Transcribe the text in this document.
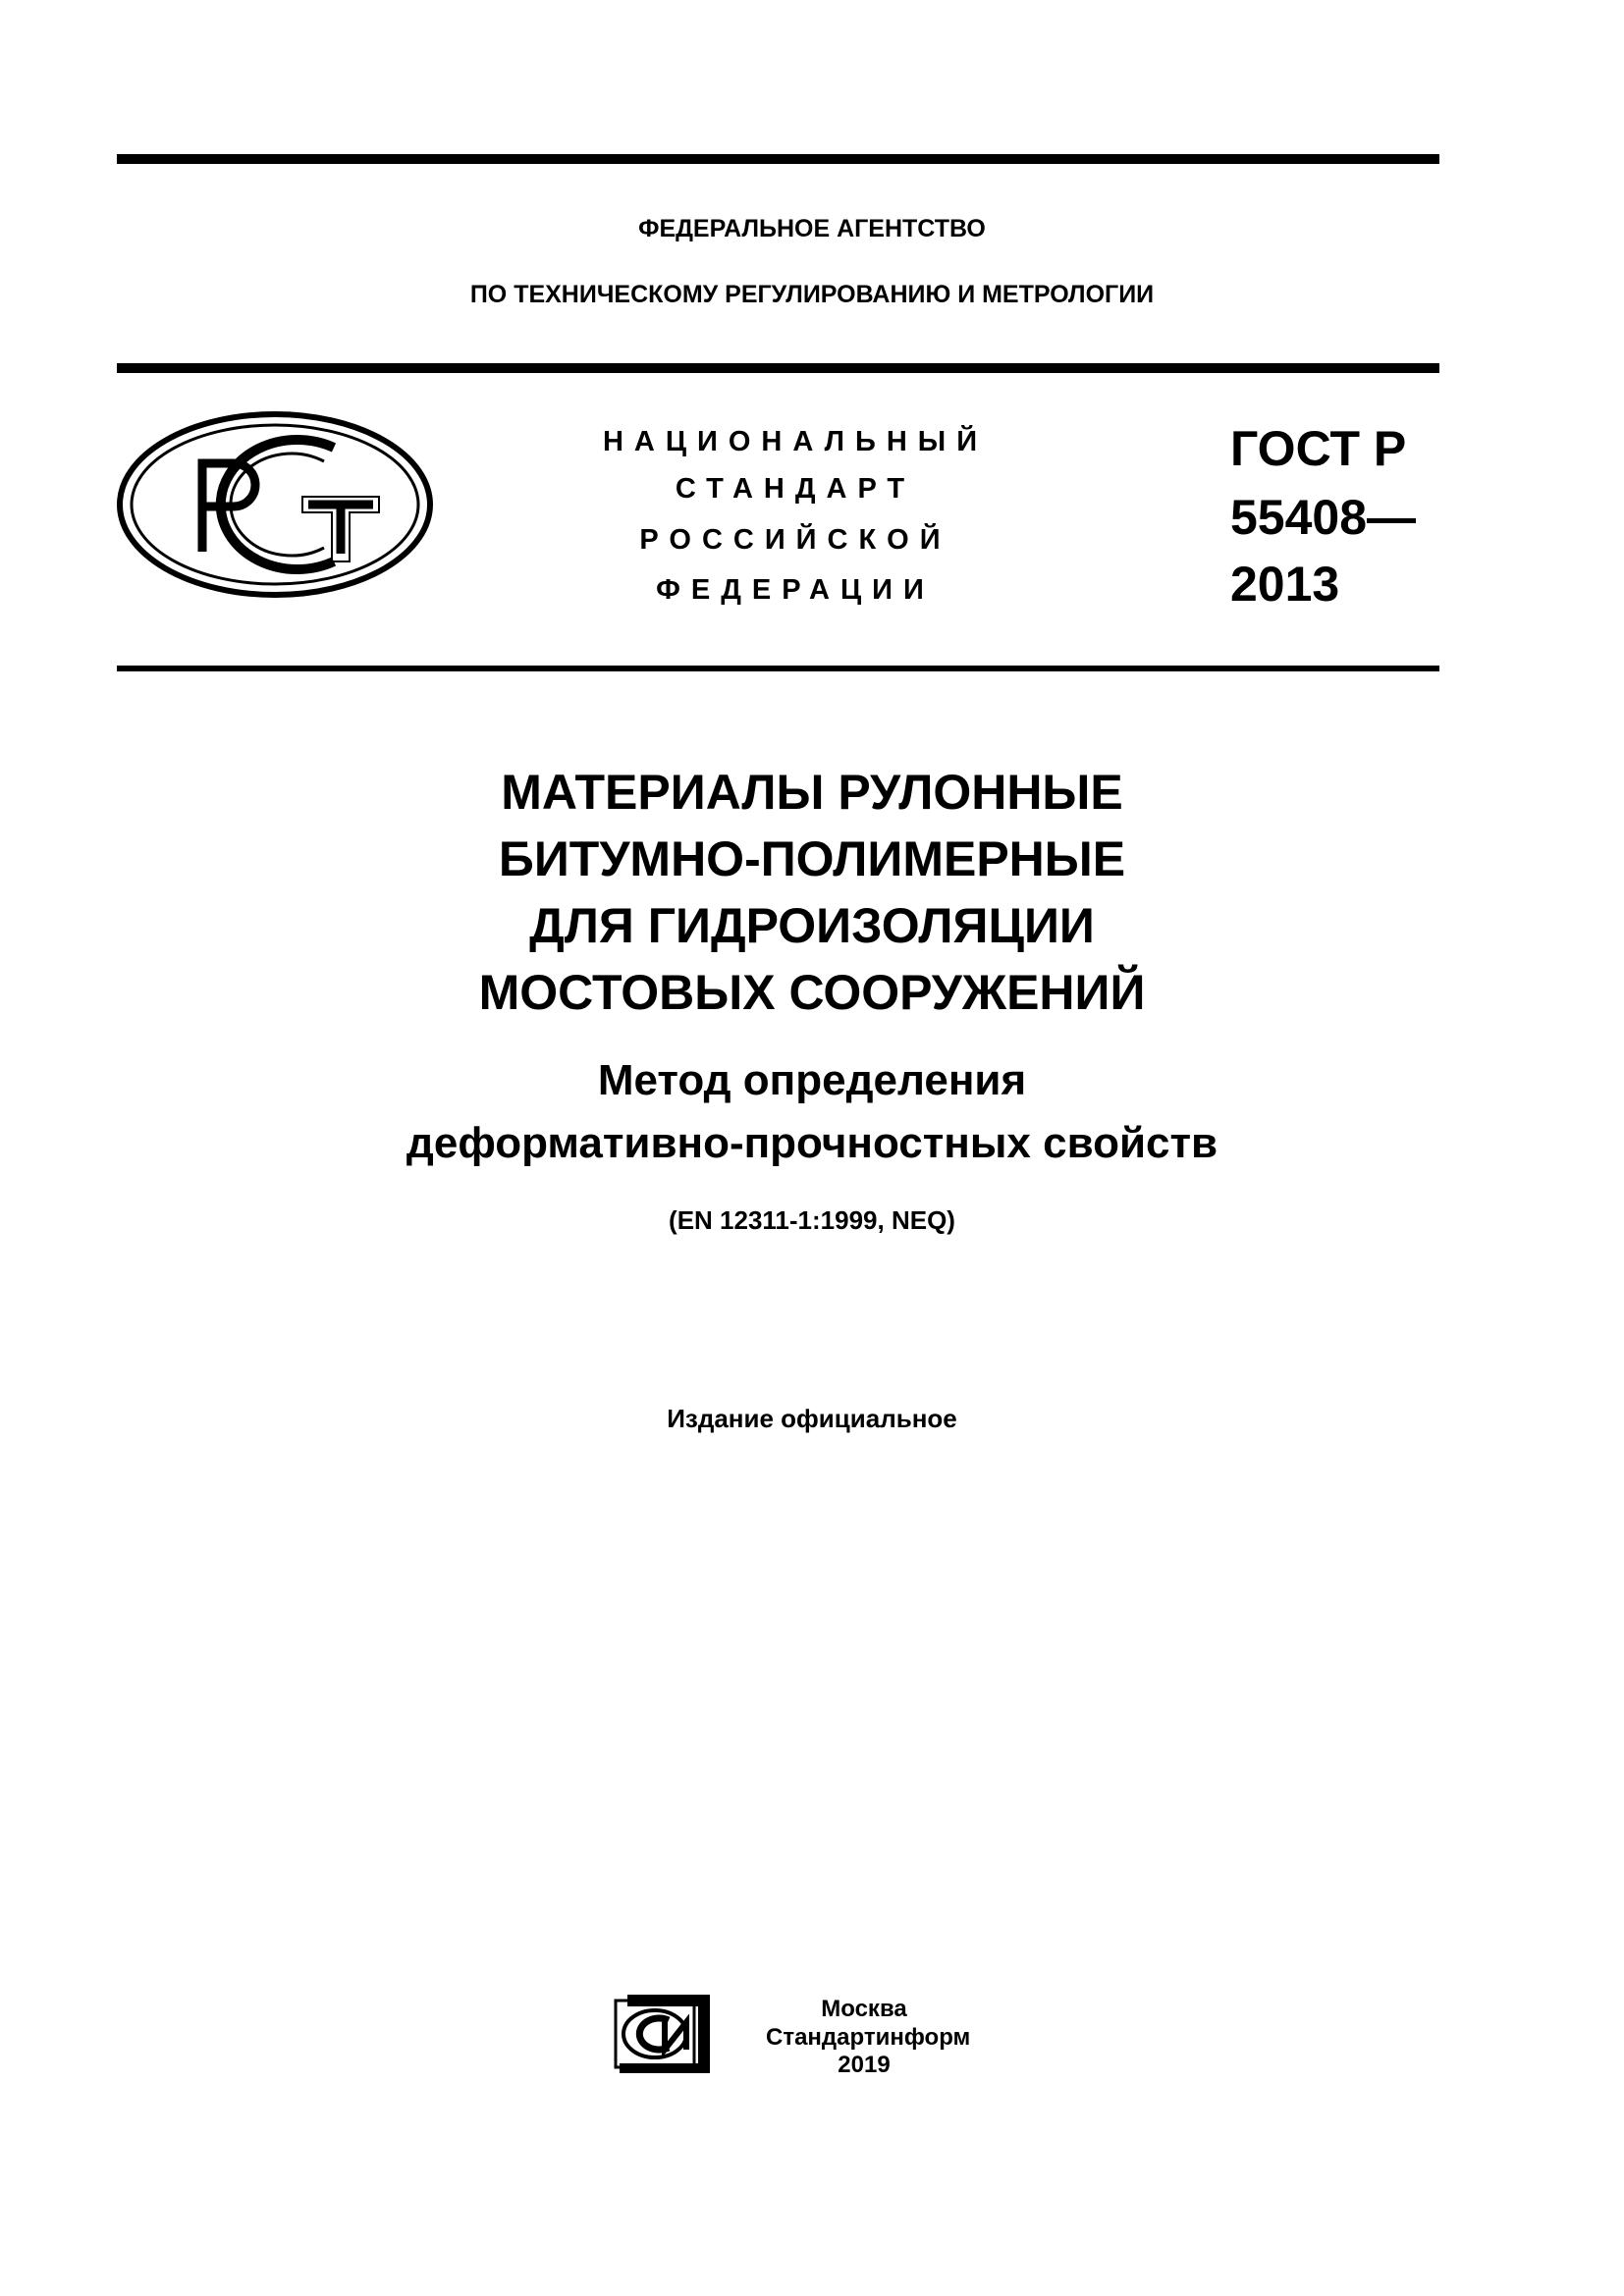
ФЕДЕРАЛЬНОЕ АГЕНТСТВО
ПО ТЕХНИЧЕСКОМУ РЕГУЛИРОВАНИЮ И МЕТРОЛОГИИ
НАЦИОНАЛЬНЫЙ
СТАНДАРТ
РОССИЙСКОЙ
ФЕДЕРАЦИИ
ГОСТ Р
55408—
2013
МАТЕРИАЛЫ РУЛОННЫЕ
БИТУМНО-ПОЛИМЕРНЫЕ
ДЛЯ ГИДРОИЗОЛЯЦИИ
МОСТОВЫХ СООРУЖЕНИЙ
Метод определения
деформативно-прочностных свойств
(EN 12311-1:1999, NEQ)
Издание официальное
Москва
Стандартинформ
2019
